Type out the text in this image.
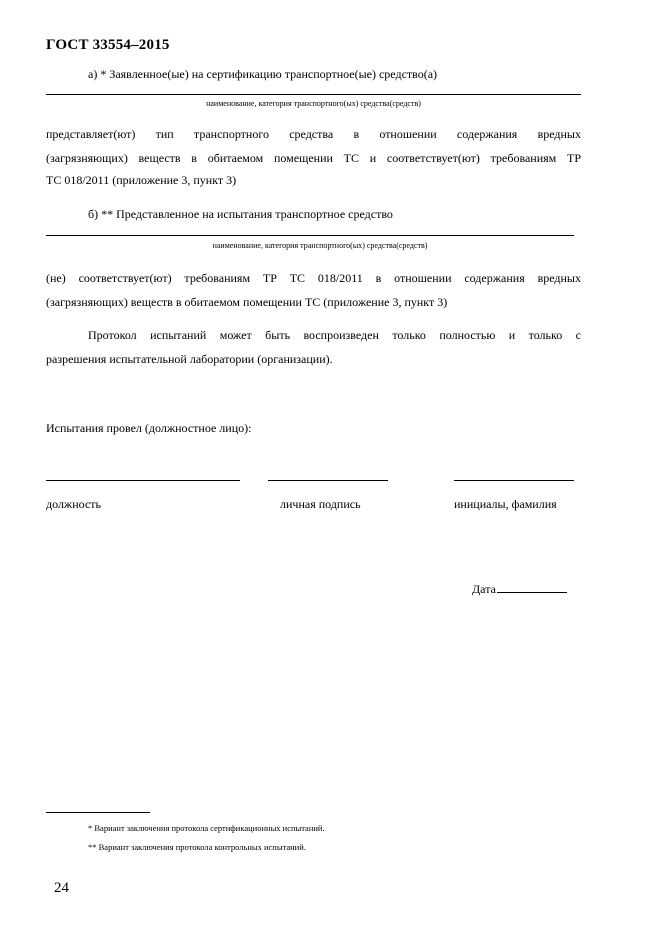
ГОСТ 33554–2015
а) * Заявленное(ые) на сертификацию транспортное(ые) средство(а)
наименование, категория транспортного(ых) средства(средств)
представляет(ют) тип транспортного средства в отношении содержания вредных
(загрязняющих) веществ в обитаемом помещении ТС и соответствует(ют) требованиям ТР
ТС 018/2011 (приложение 3, пункт 3)
б) ** Представленное на испытания транспортное средство
наименование, категория транспортного(ых) средства(средств)
(не) соответствует(ют) требованиям ТР ТС 018/2011 в отношении содержания вредных
(загрязняющих) веществ в обитаемом помещении ТС (приложение 3, пункт 3)
Протокол испытаний может быть воспроизведен только полностью и только с
разрешения испытательной лаборатории (организации).
Испытания провел (должностное лицо):
должность	личная подпись	инициалы, фамилия
Дата
* Вариант заключения протокола сертификационных испытаний.
** Вариант заключения протокола контрольных испытаний.
24
